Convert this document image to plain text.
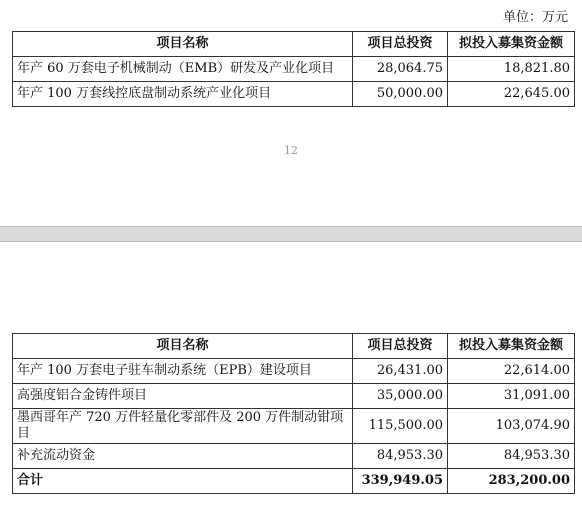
单位：万元
项目名称	项目总投资	拟投入募集资金额
年产 60 万套电子机械制动（EMB）研发及产业化项目	28,064.75	18,821.80
年产 100 万套线控底盘制动系统产业化项目	50,000.00	22,645.00
12
项目名称	项目总投资	拟投入募集资金额
年产 100 万套电子驻车制动系统（EPB）建设项目	26,431.00	22,614.00
高强度铝合金铸件项目	35,000.00	31,091.00
墨西哥年产 720 万件轻量化零部件及 200 万件制动钳项目	115,500.00	103,074.90
补充流动资金	84,953.30	84,953.30
合计	339,949.05	283,200.00
